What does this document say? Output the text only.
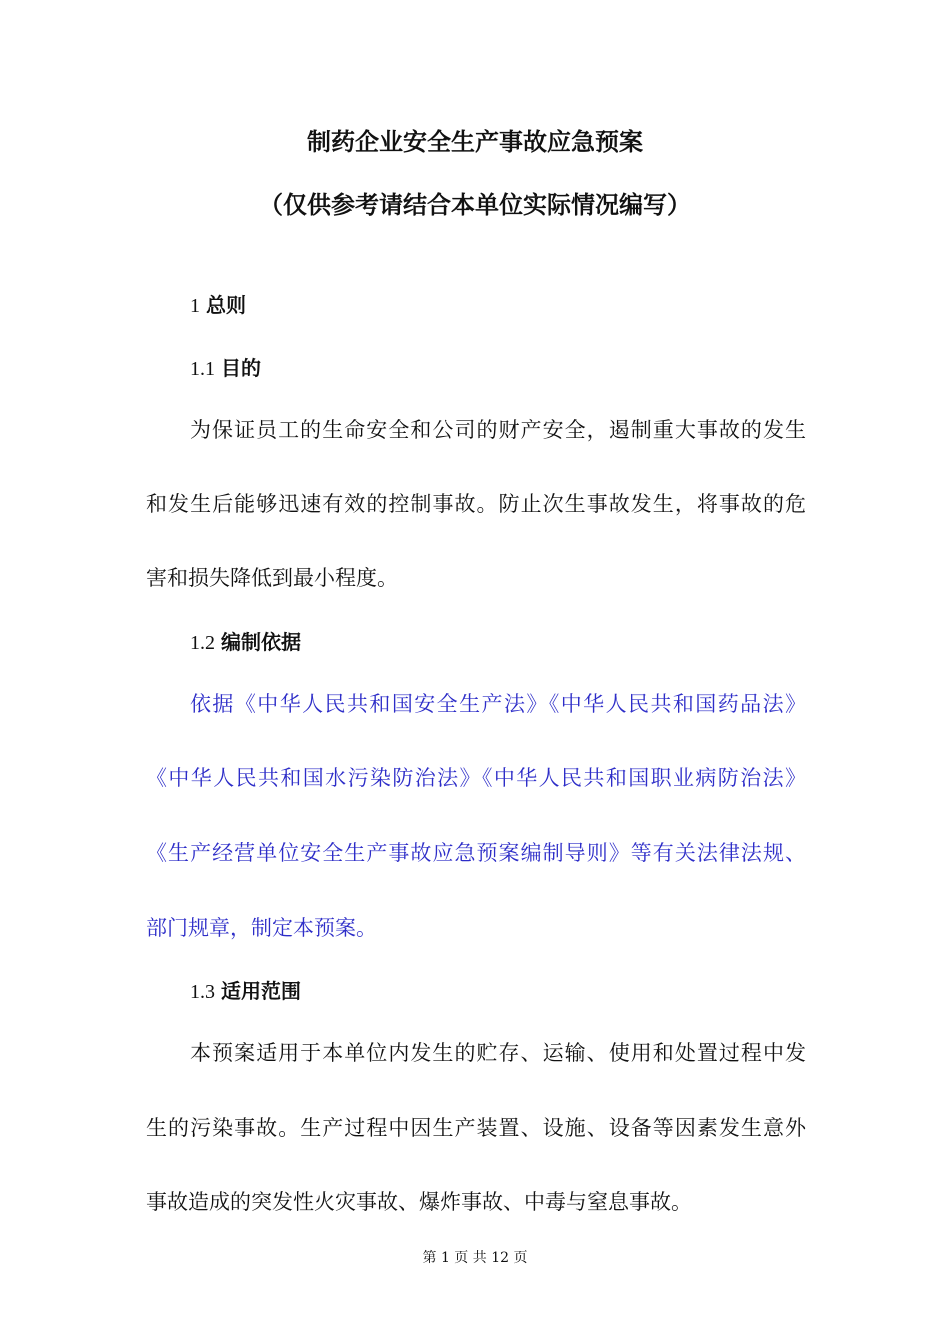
制药企业安全生产事故应急预案
（仅供参考请结合本单位实际情况编写）
1 总则
1.1 目的
为保证员工的生命安全和公司的财产安全，遏制重大事故的发生
和发生后能够迅速有效的控制事故。防止次生事故发生，将事故的危
害和损失降低到最小程度。
1.2 编制依据
依据《中华人民共和国安全生产法》《中华人民共和国药品法》
《中华人民共和国水污染防治法》《中华人民共和国职业病防治法》
《生产经营单位安全生产事故应急预案编制导则》等有关法律法规、
部门规章，制定本预案。
1.3 适用范围
本预案适用于本单位内发生的贮存、运输、使用和处置过程中发
生的污染事故。生产过程中因生产装置、设施、设备等因素发生意外
事故造成的突发性火灾事故、爆炸事故、中毒与窒息事故。
第 1 页 共 12 页
